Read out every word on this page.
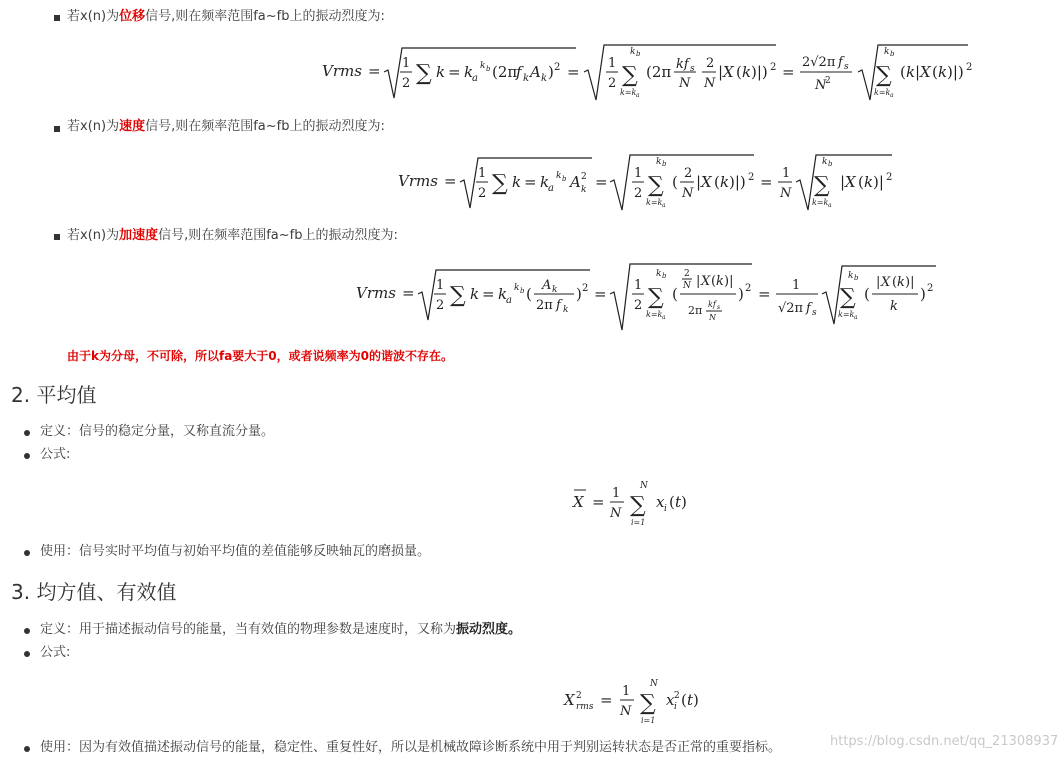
若x(n)为位移信号,则在频率范围fa~fb上的振动烈度为:
Vrms = 1
2 ∑ k = k
a
k b (2π
f k A k ) 2 = 1
2
k b
∑
k=k a
(2π kf s
N
2
N
| X ( k )|) 2 =
2√2π f s
N
2
k b
∑
k=k a
( k | X ( k )|) 2
若x(n)为速度信号,则在频率范围fa~fb上的振动烈度为:
Vrms = 1
2 ∑ k = k
a
k b A 2
k = 1
2
k b
∑
k=k a
( 2
N
| X ( k )|) 2 = 1
N
k b
∑
k=k a
| X ( k )| 2
若x(n)为加速度信号,则在频率范围fa~fb上的振动烈度为:
Vrms = 1
2 ∑ k = k
a
k b ( A k
2π f k
) 2 = 1
2
k b
∑
k=k a
(
2
N | X ( k )|
2π kf s
N
) 2 = 1
√2π f s
k b
∑
k=k a
(
| X ( k )|
k
) 2
由于k为分母，不可除，所以fa要大于0，或者说频率为0的谐波不存在。
2. 平均值
定义：信号的稳定分量，又称直流分量。
公式:
X = 1
N
N
∑
i=1
x i ( t )
使用：信号实时平均值与初始平均值的差值能够反映轴瓦的磨损量。
3. 均方值、有效值
定义：用于描述振动信号的能量，当有效值的物理参数是速度时，又称为振动烈度。
公式:
X 2
rms = 1
N
N
∑
i=1
x 2
i ( t )
使用：因为有效值描述振动信号的能量，稳定性、重复性好，所以是机械故障诊断系统中用于判别运转状态是否正常的重要指标。	https://blog.csdn.net/qq_21308937
